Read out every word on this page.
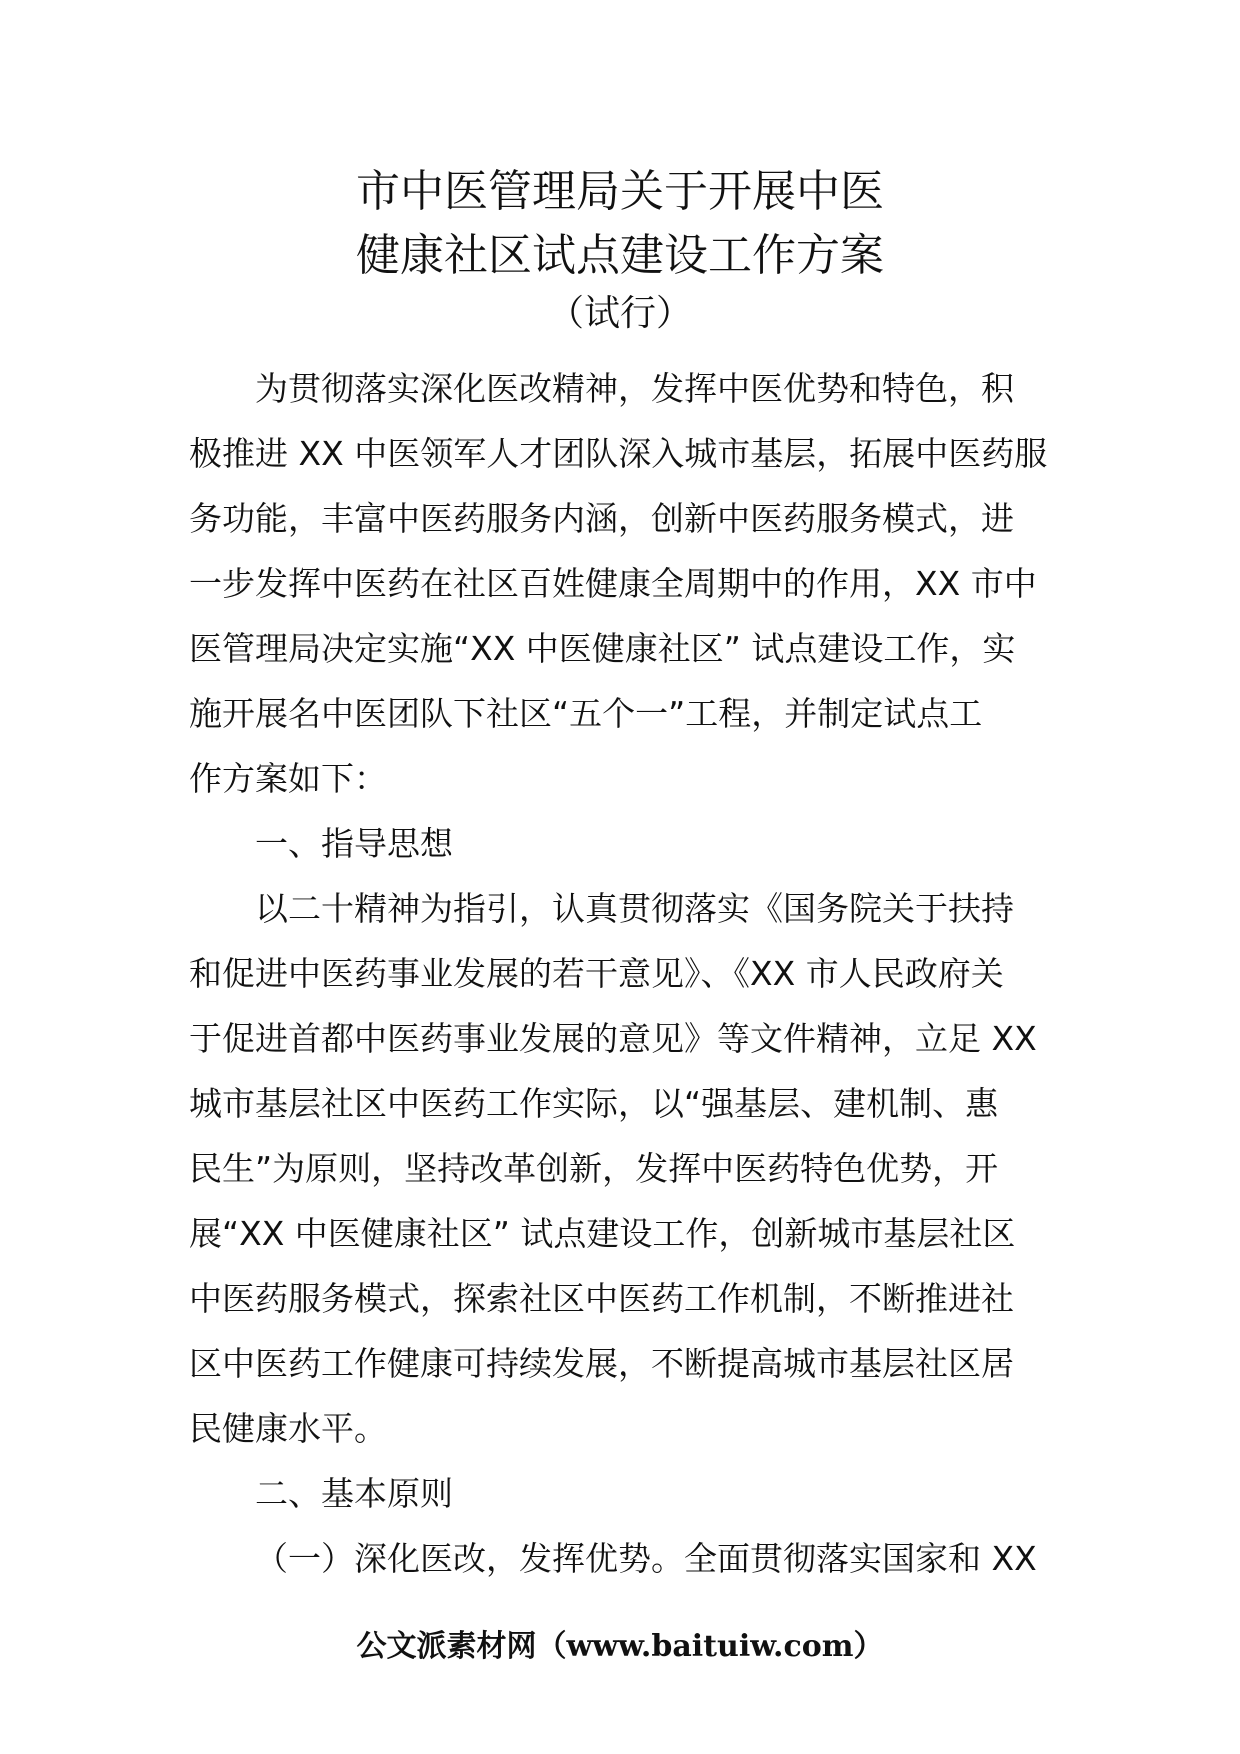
市中医管理局关于开展中医
健康社区试点建设工作方案
（试行）
为贯彻落实深化医改精神，发挥中医优势和特色，积
极推进 XX 中医领军人才团队深入城市基层，拓展中医药服
务功能，丰富中医药服务内涵，创新中医药服务模式，进
一步发挥中医药在社区百姓健康全周期中的作用，XX 市中
医管理局决定实施“XX 中医健康社区” 试点建设工作，实
施开展名中医团队下社区“五个一”工程，并制定试点工
作方案如下：
一、指导思想
以二十精神为指引，认真贯彻落实《国务院关于扶持
和促进中医药事业发展的若干意见》、《XX 市人民政府关
于促进首都中医药事业发展的意见》等文件精神，立足 XX
城市基层社区中医药工作实际，以“强基层、建机制、惠
民生”为原则，坚持改革创新，发挥中医药特色优势，开
展“XX 中医健康社区” 试点建设工作，创新城市基层社区
中医药服务模式，探索社区中医药工作机制，不断推进社
区中医药工作健康可持续发展，不断提高城市基层社区居
民健康水平。
二、基本原则
（一）深化医改，发挥优势。全面贯彻落实国家和 XX
公文派素材网（www.baituiw.com）
